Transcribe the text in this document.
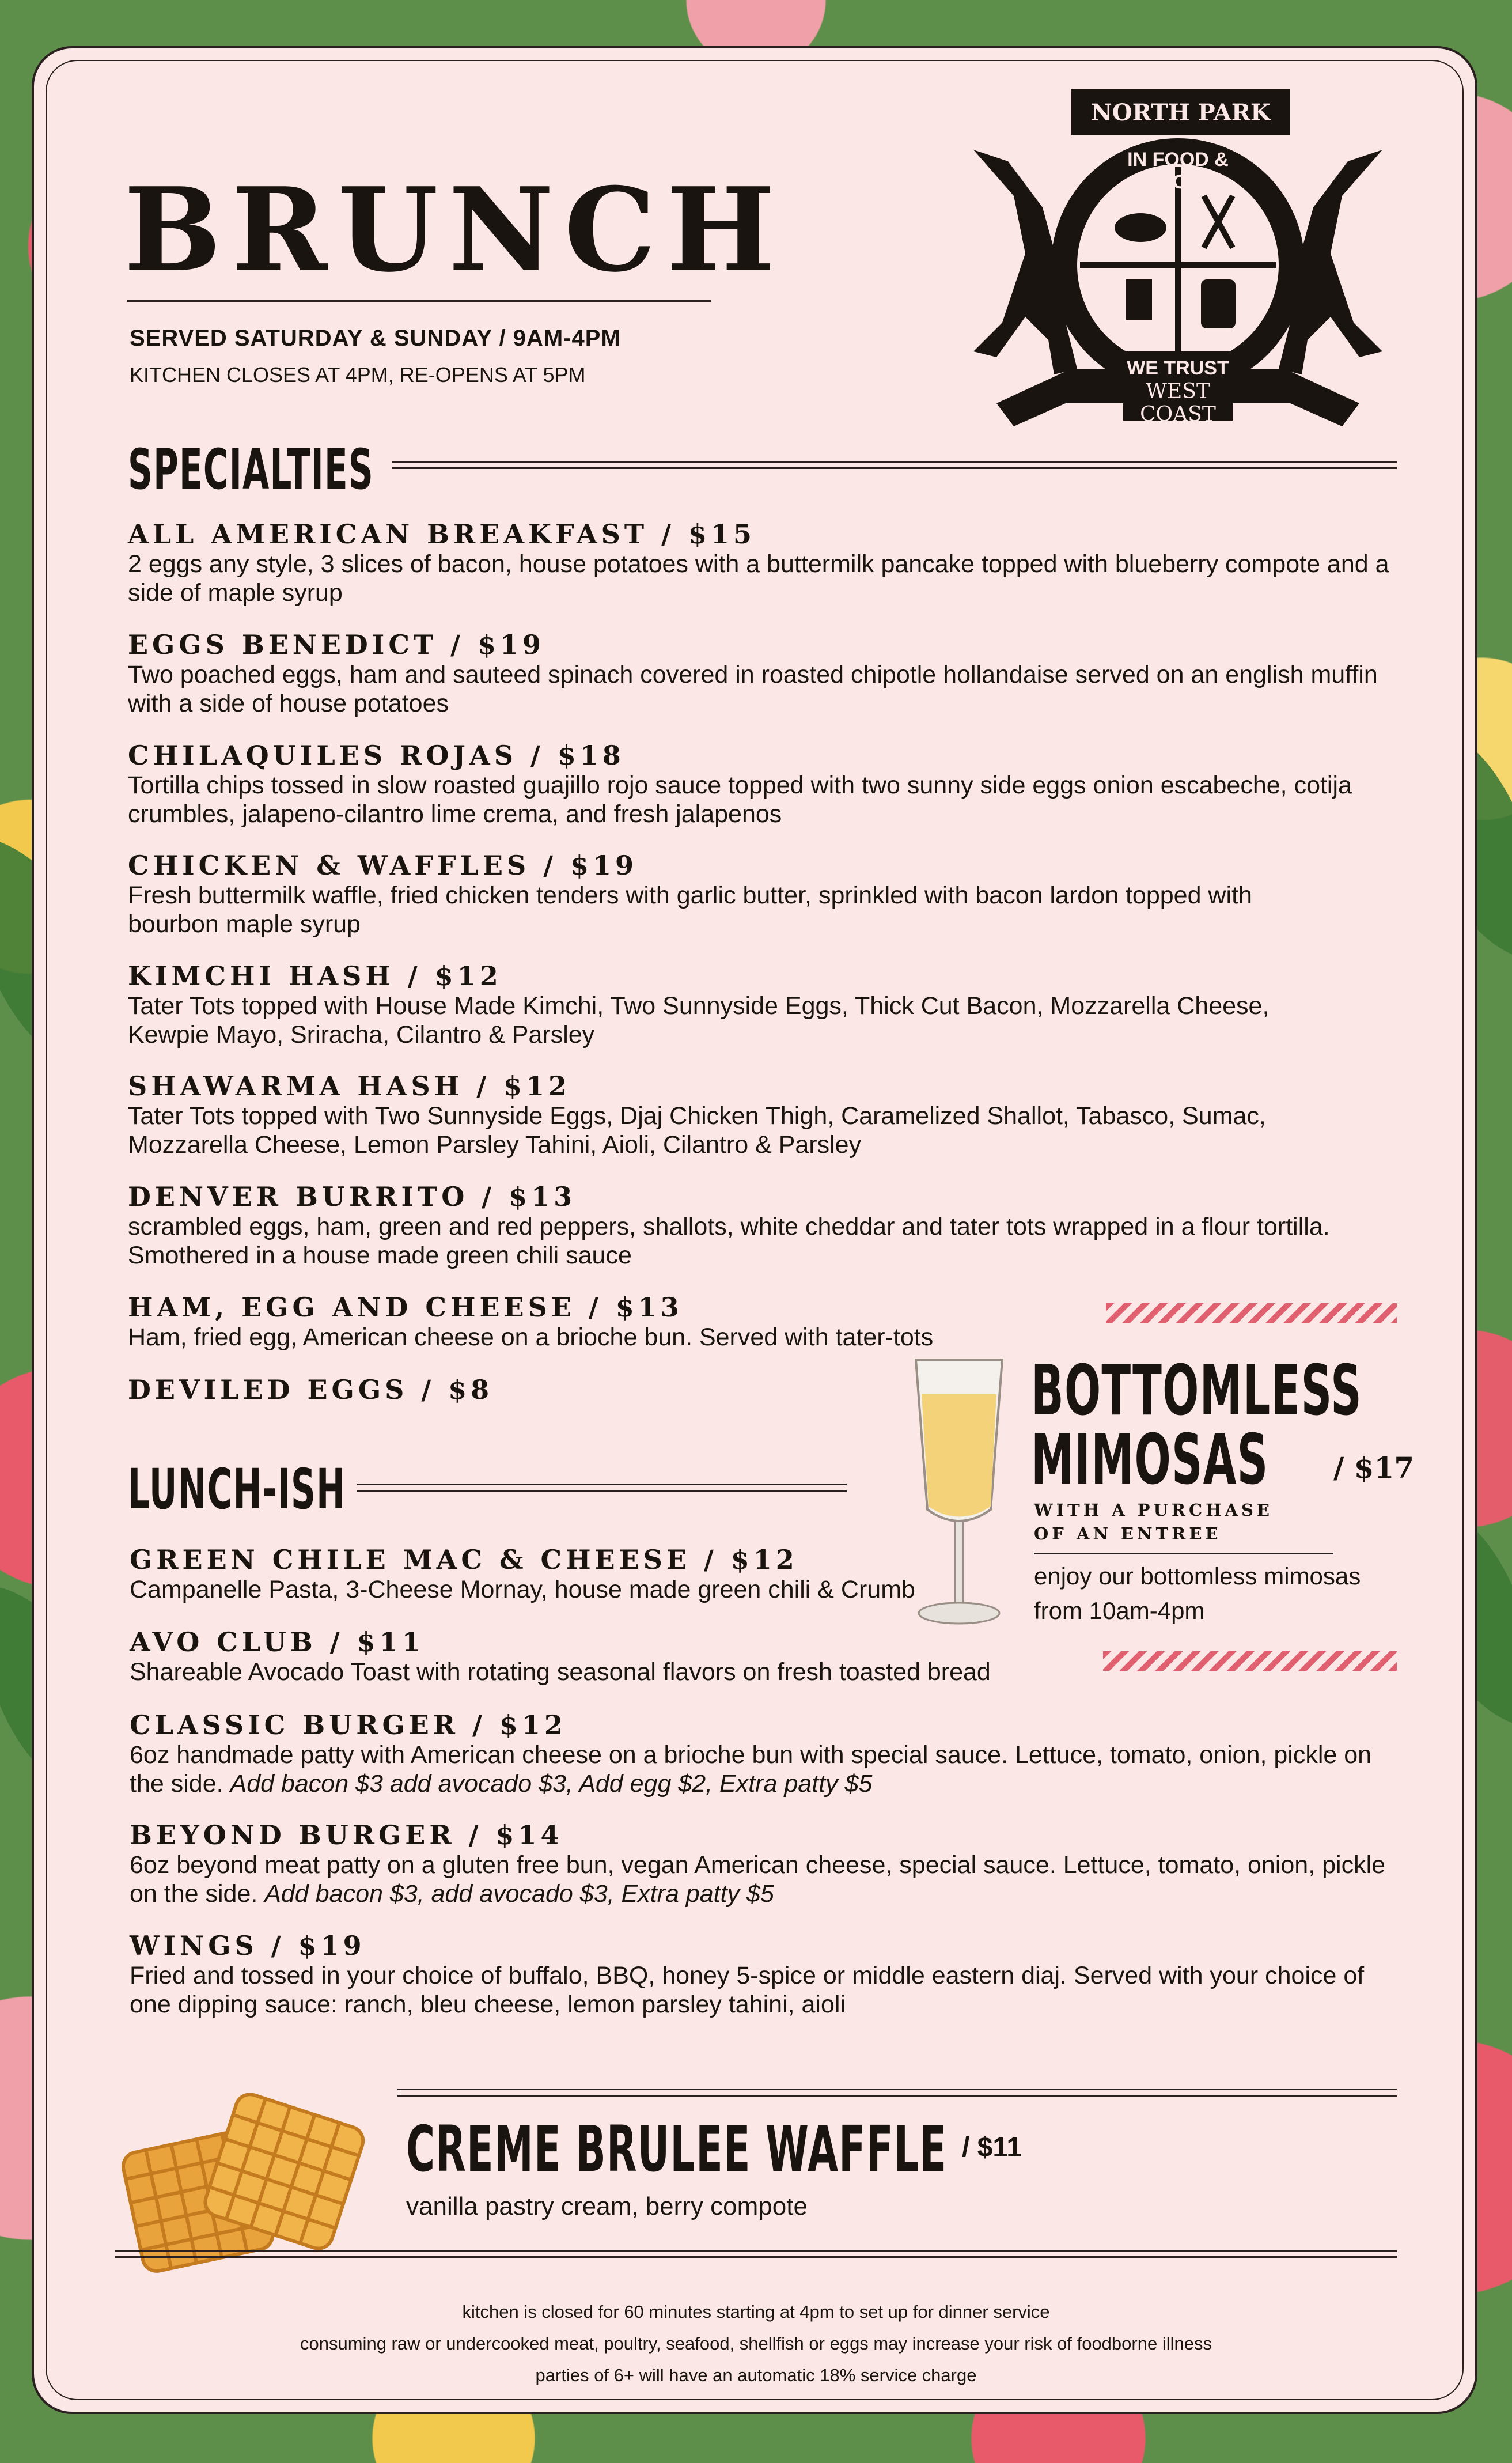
BRUNCH
SERVED SATURDAY & SUNDAY / 9AM-4PM
KITCHEN CLOSES AT 4PM, RE-OPENS AT 5PM
NORTH PARK
IN FOOD & BOOZE
WE TRUST
WEST COAST
SPECIALTIES
ALL AMERICAN BREAKFAST / $15
2 eggs any style, 3 slices of bacon, house potatoes with a buttermilk pancake topped with blueberry compote and a side of maple syrup
EGGS BENEDICT / $19
Two poached eggs, ham and sauteed spinach covered in roasted chipotle hollandaise served on an english muffin with a side of house potatoes
CHILAQUILES ROJAS / $18
Tortilla chips tossed in slow roasted guajillo rojo sauce topped with two sunny side eggs onion escabeche, cotija crumbles, jalapeno-cilantro lime crema, and fresh jalapenos
CHICKEN & WAFFLES / $19
Fresh buttermilk waffle, fried chicken tenders with garlic butter, sprinkled with bacon lardon topped with bourbon maple syrup
KIMCHI HASH / $12
Tater Tots topped with House Made Kimchi, Two Sunnyside Eggs, Thick Cut Bacon, Mozzarella Cheese, Kewpie Mayo, Sriracha, Cilantro & Parsley
SHAWARMA HASH / $12
Tater Tots topped with Two Sunnyside Eggs, Djaj Chicken Thigh, Caramelized Shallot, Tabasco, Sumac, Mozzarella Cheese, Lemon Parsley Tahini, Aioli, Cilantro & Parsley
DENVER BURRITO / $13
scrambled eggs, ham, green and red peppers, shallots, white cheddar and tater tots wrapped in a flour tortilla. Smothered in a house made green chili sauce
HAM, EGG AND CHEESE / $13
Ham, fried egg, American cheese on a brioche bun. Served with tater-tots
DEVILED EGGS / $8
LUNCH-ISH
GREEN CHILE MAC & CHEESE / $12
Campanelle Pasta, 3-Cheese Mornay, house made green chili & Crumb
AVO CLUB / $11
Shareable Avocado Toast with rotating seasonal flavors on fresh toasted bread
CLASSIC BURGER / $12
6oz handmade patty with American cheese on a brioche bun with special sauce. Lettuce, tomato, onion, pickle on the side. Add bacon $3 add avocado $3, Add egg $2, Extra patty $5
BEYOND BURGER / $14
6oz beyond meat patty on a gluten free bun, vegan American cheese, special sauce. Lettuce, tomato, onion, pickle on the side. Add bacon $3, add avocado $3, Extra patty $5
WINGS / $19
Fried and tossed in your choice of buffalo, BBQ, honey 5-spice or middle eastern diaj. Served with your choice of one dipping sauce: ranch, bleu cheese, lemon parsley tahini, aioli
BOTTOMLESS
MIMOSAS / $17
WITH A PURCHASE
OF AN ENTREE
enjoy our bottomless mimosas
from 10am-4pm
CREME BRULEE WAFFLE / $11
vanilla pastry cream, berry compote
kitchen is closed for 60 minutes starting at 4pm to set up for dinner service
consuming raw or undercooked meat, poultry, seafood, shellfish or eggs may increase your risk of foodborne illness
parties of 6+ will have an automatic 18% service charge
